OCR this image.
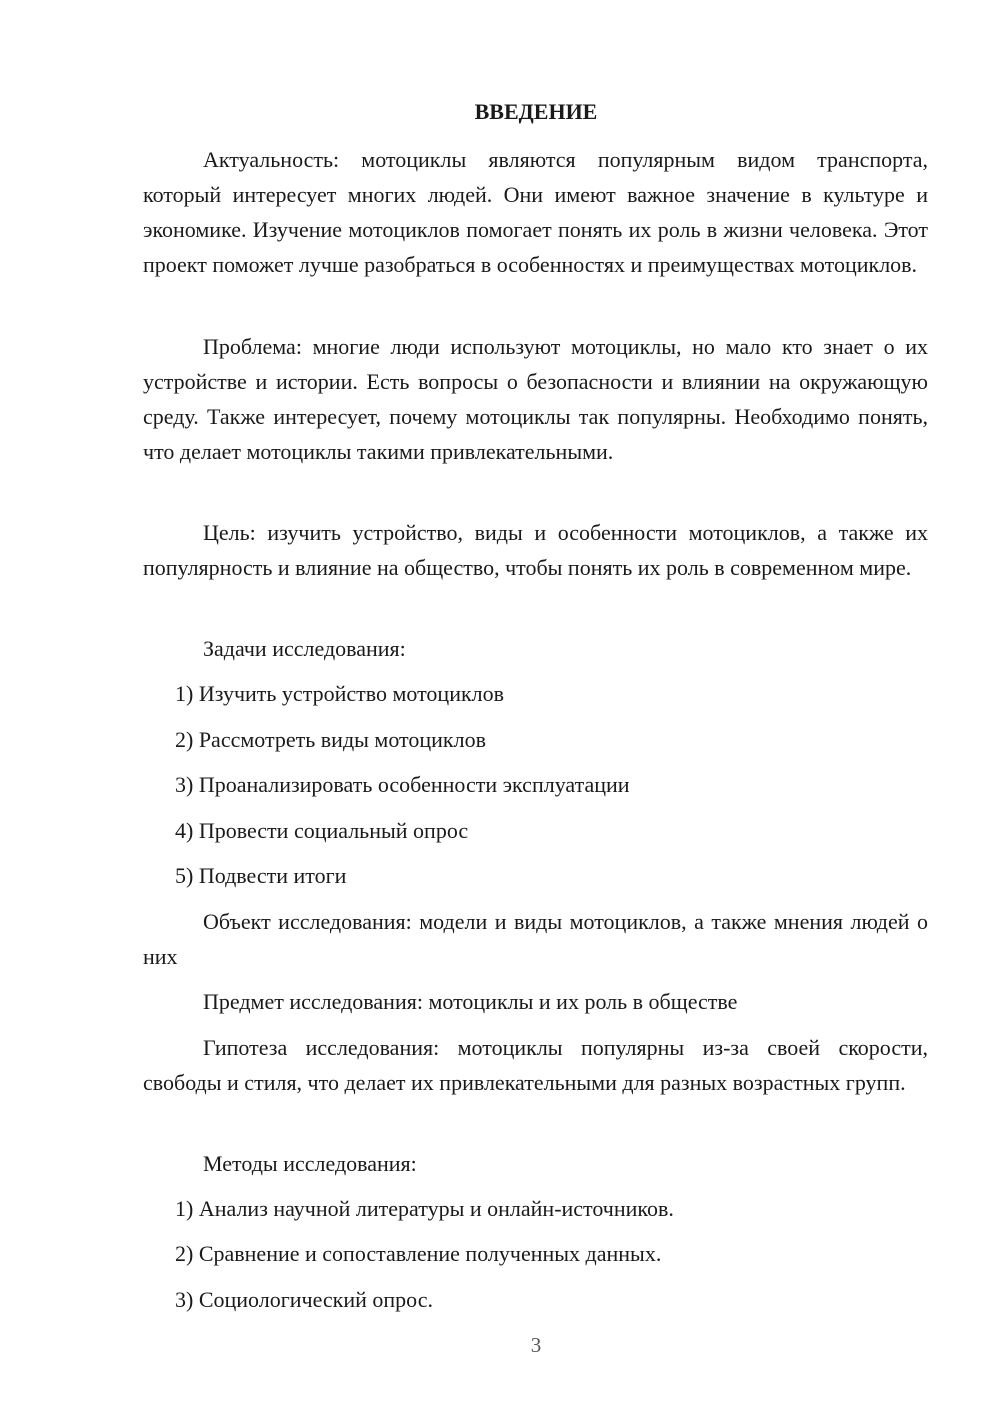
ВВЕДЕНИЕ

Актуальность: мотоциклы являются популярным видом транспорта, который интересует многих людей. Они имеют важное значение в культуре и экономике. Изучение мотоциклов помогает понять их роль в жизни человека. Этот проект поможет лучше разобраться в особенностях и преимуществах мотоциклов.

Проблема: многие люди используют мотоциклы, но мало кто знает о их устройстве и истории. Есть вопросы о безопасности и влиянии на окружающую среду. Также интересует, почему мотоциклы так популярны. Необходимо понять, что делает мотоциклы такими привлекательными.

Цель: изучить устройство, виды и особенности мотоциклов, а также их популярность и влияние на общество, чтобы понять их роль в современном мире.

Задачи исследования:

1) Изучить устройство мотоциклов

2) Рассмотреть виды мотоциклов

3) Проанализировать особенности эксплуатации

4) Провести социальный опрос

5) Подвести итоги

Объект исследования: модели и виды мотоциклов, а также мнения людей о них

Предмет исследования: мотоциклы и их роль в обществе

Гипотеза исследования: мотоциклы популярны из-за своей скорости, свободы и стиля, что делает их привлекательными для разных возрастных групп.

Методы исследования:

1) Анализ научной литературы и онлайн-источников.

2) Сравнение и сопоставление полученных данных.

3) Социологический опрос.

3
